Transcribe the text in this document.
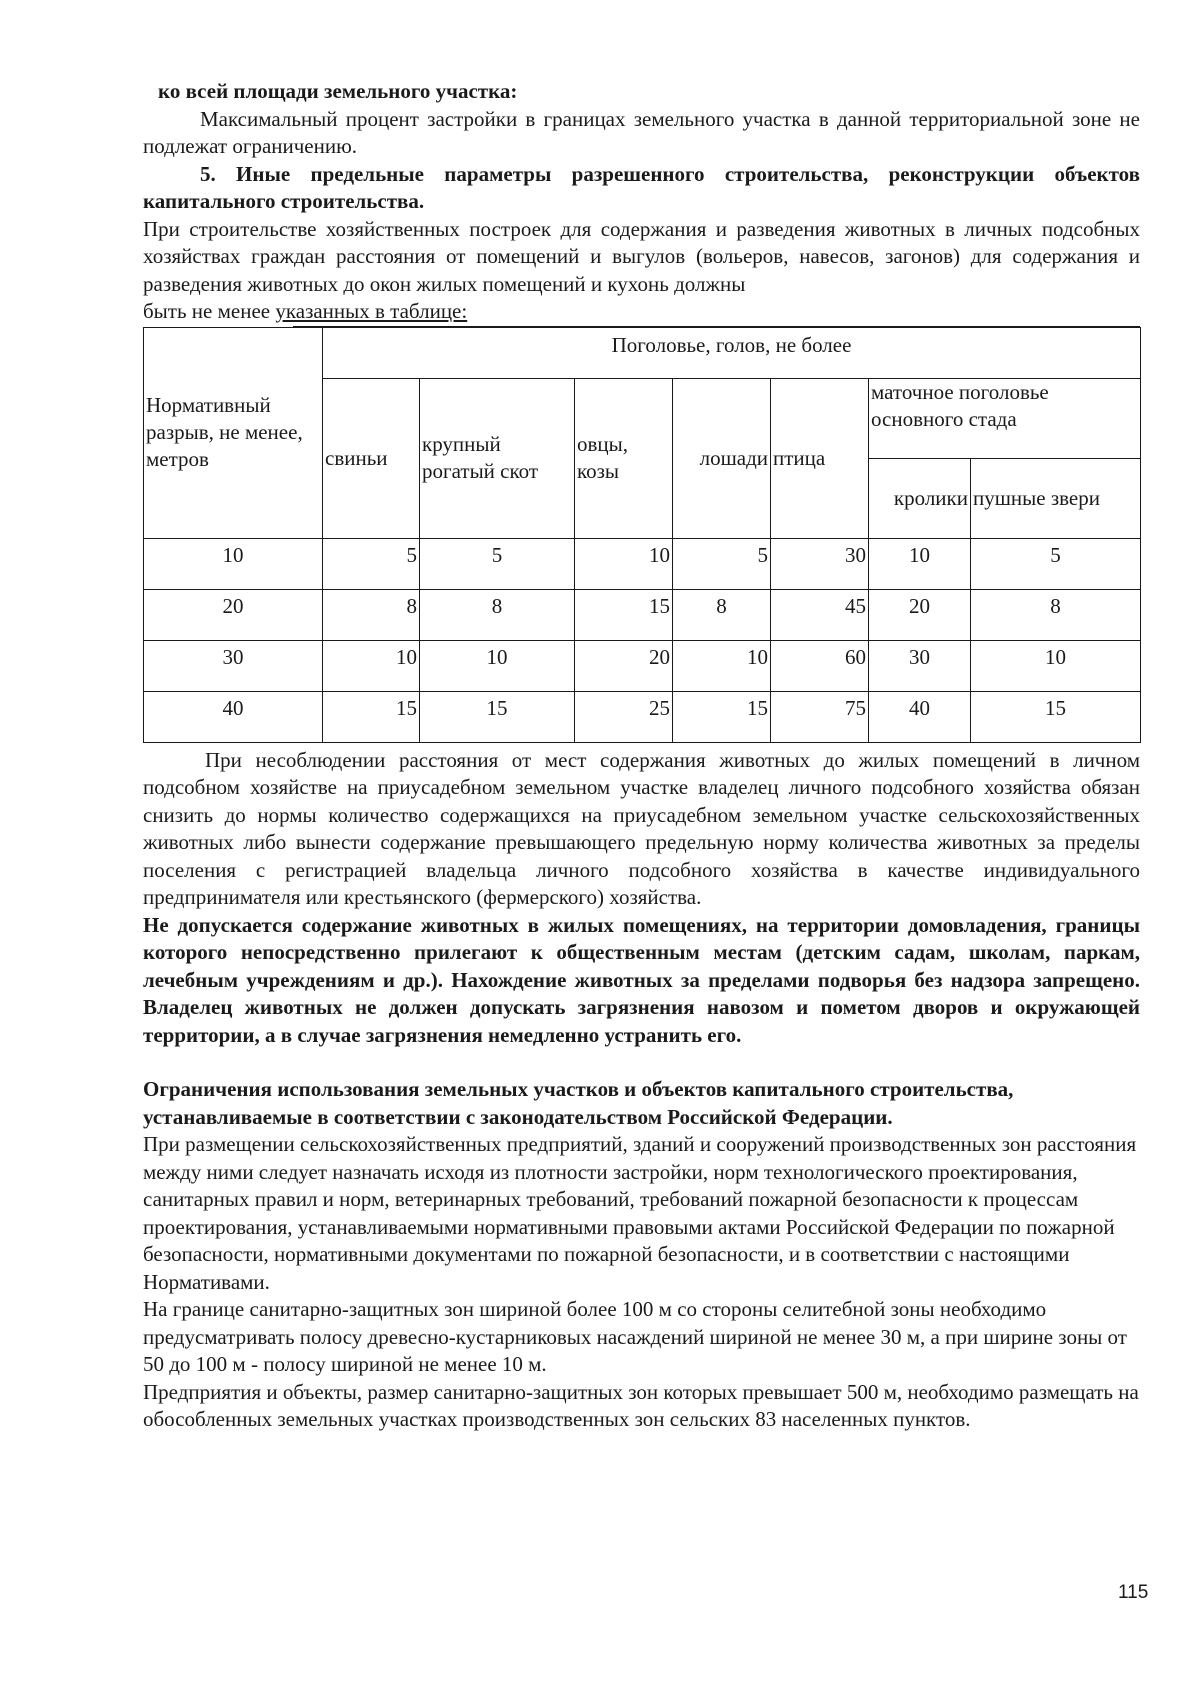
ко всей площади земельного участка:

Максимальный процент застройки в границах земельного участка в данной территориальной зоне не подлежат ограничению.

5. Иные предельные параметры разрешенного строительства, реконструкции объектов капитального строительства.

При строительстве хозяйственных построек для содержания и разведения животных в личных подсобных хозяйствах граждан расстояния от помещений и выгулов (вольеров, навесов, загонов) для содержания и разведения животных до окон жилых помещений и кухонь должны

быть не менее указанных в таблице:

Нормативный разрыв, не менее, метров	Поголовье, голов, не более						
	свиньи	крупный рогатый скот	овцы, козы	лошади	птица	маточное поголовье основного стада	
						кролики	пушные звери
10	5	5	10	5	30	10	5
20	8	8	15	8	45	20	8
30	10	10	20	10	60	30	10
40	15	15	25	15	75	40	15

При несоблюдении расстояния от мест содержания животных до жилых помещений в личном подсобном хозяйстве на приусадебном земельном участке владелец личного подсобного хозяйства обязан снизить до нормы количество содержащихся на приусадебном земельном участке сельскохозяйственных животных либо вынести содержание превышающего предельную норму количества животных за пределы поселения с регистрацией владельца личного подсобного хозяйства в качестве индивидуального предпринимателя или крестьянского (фермерского) хозяйства.

Не допускается содержание животных в жилых помещениях, на территории домовладения, границы которого непосредственно прилегают к общественным местам (детским садам, школам, паркам, лечебным учреждениям и др.). Нахождение животных за пределами подворья без надзора запрещено. Владелец животных не должен допускать загрязнения навозом и пометом дворов и окружающей территории, а в случае загрязнения немедленно устранить его.

Ограничения использования земельных участков и объектов капитального строительства, устанавливаемые в соответствии с законодательством Российской Федерации.

При размещении сельскохозяйственных предприятий, зданий и сооружений производственных зон расстояния между ними следует назначать исходя из плотности застройки, норм технологического проектирования, санитарных правил и норм, ветеринарных требований, требований пожарной безопасности к процессам проектирования, устанавливаемыми нормативными правовыми актами Российской Федерации по пожарной безопасности, нормативными документами по пожарной безопасности, и в соответствии с настоящими Нормативами.

На границе санитарно-защитных зон шириной более 100 м со стороны селитебной зоны необходимо предусматривать полосу древесно-кустарниковых насаждений шириной не менее 30 м, а при ширине зоны от 50 до 100 м - полосу шириной не менее 10 м.

Предприятия и объекты, размер санитарно-защитных зон которых превышает 500 м, необходимо размещать на обособленных земельных участках производственных зон сельских 83 населенных пунктов.

115
